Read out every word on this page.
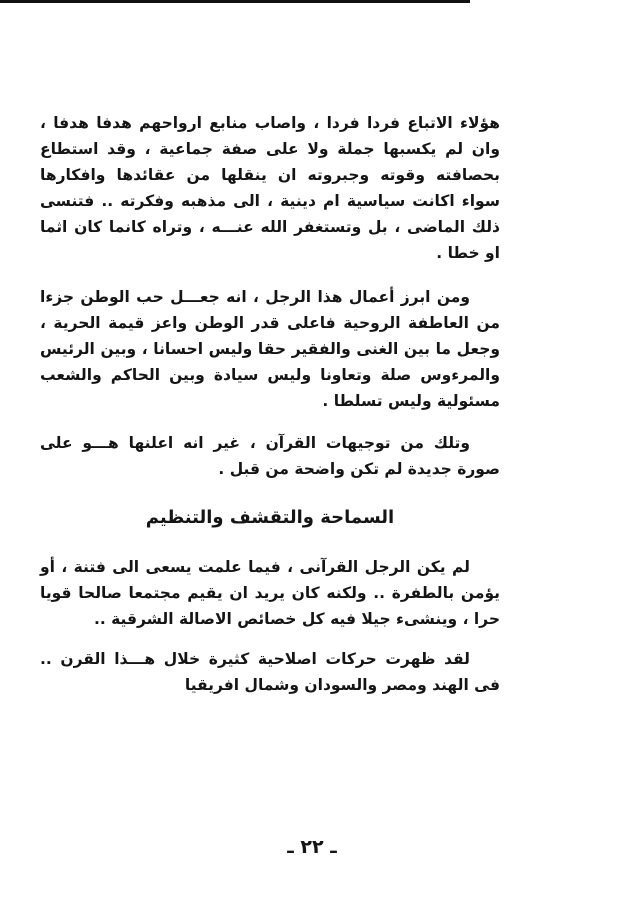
هؤلاء الاتباع فردا فردا ، واصاب منابع ارواحهم هدفا هدفا ، وان لم يكسبها جملة ولا على صفة جماعية ، وقد استطاع بحصافته وقوته وجبروته ان ينقلها من عقائدها وافكارها سواء اكانت سياسية ام دينية ، الى مذهبه وفكرته .. فتنسى ذلك الماضى ، بل وتستغفر الله عنـــه ، وتراه كانما كان اثما او خطا .

ومن ابرز أعمال هذا الرجل ، انه جعـــل حب الوطن جزءا من العاطفة الروحية فاعلى قدر الوطن واعز قيمة الحرية ، وجعل ما بين الغنى والفقير حقا وليس احسانا ، وبين الرئيس والمرءوس صلة وتعاونا وليس سيادة وبين الحاكم والشعب مسئولية وليس تسلطا .

وتلك من توجيهات القرآن ، غير انه اعلنها هـــو على صورة جديدة لم تكن واضحة من قبل .

السماحة والتقشف والتنظيم

لم يكن الرجل القرآنى ، فيما علمت يسعى الى فتنة ، أو يؤمن بالطفرة .. ولكنه كان يريد ان يقيم مجتمعا صالحا قويا حرا ، وينشىء جيلا فيه كل خصائص الاصالة الشرقية ..

لقد ظهرت حركات اصلاحية كثيرة خلال هـــذا القرن .. فى الهند ومصر والسودان وشمال افريقيا

ـ ٢٢ ـ
